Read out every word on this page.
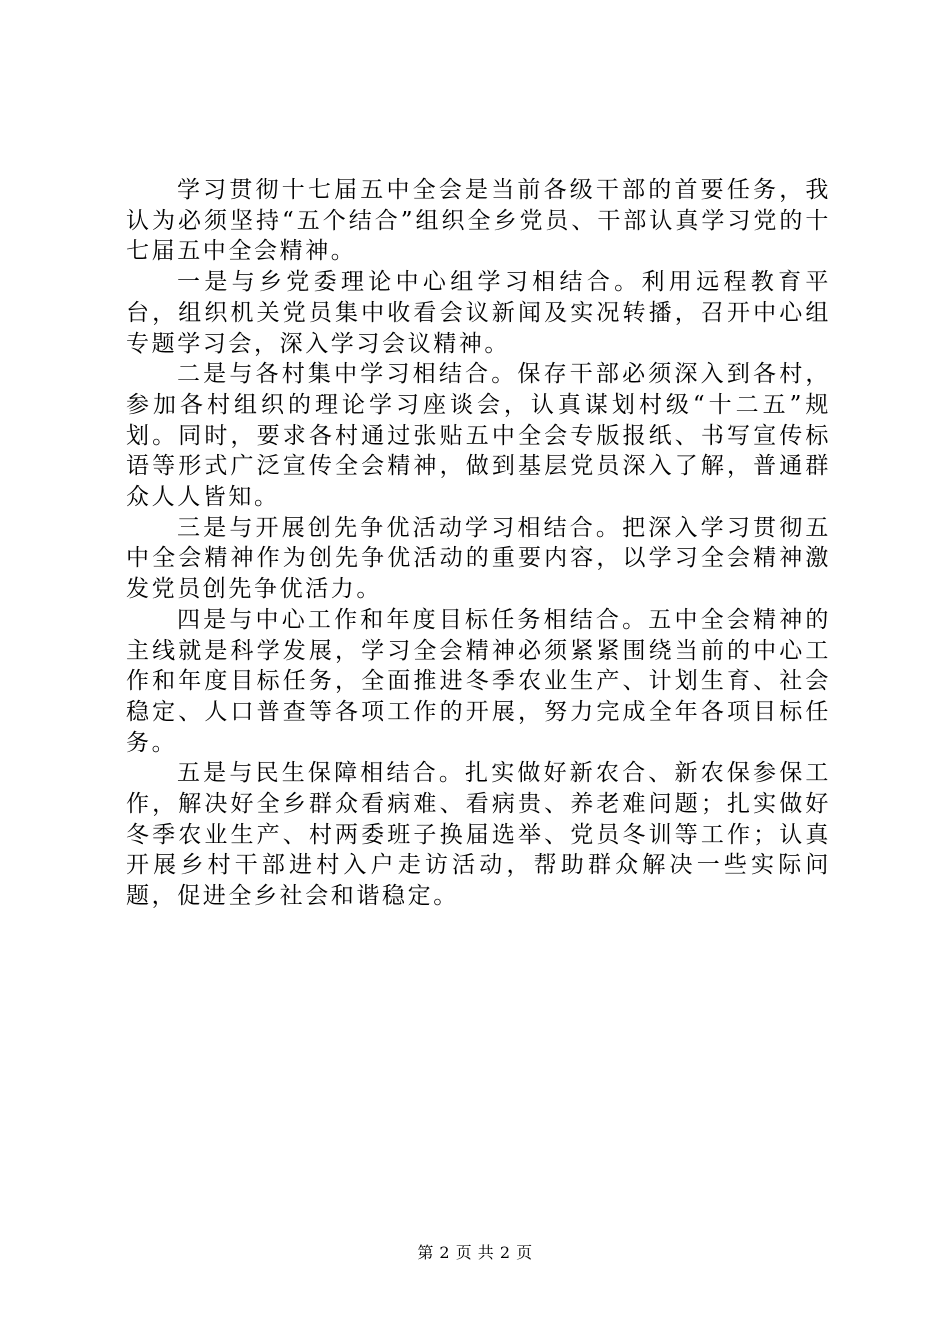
学习贯彻十七届五中全会是当前各级干部的首要任务，我认为必须坚持“五个结合”组织全乡党员、干部认真学习党的十七届五中全会精神。

一是与乡党委理论中心组学习相结合。利用远程教育平台，组织机关党员集中收看会议新闻及实况转播，召开中心组专题学习会，深入学习会议精神。

二是与各村集中学习相结合。保存干部必须深入到各村，参加各村组织的理论学习座谈会，认真谋划村级“十二五”规划。同时，要求各村通过张贴五中全会专版报纸、书写宣传标语等形式广泛宣传全会精神，做到基层党员深入了解，普通群众人人皆知。

三是与开展创先争优活动学习相结合。把深入学习贯彻五中全会精神作为创先争优活动的重要内容，以学习全会精神激发党员创先争优活力。

四是与中心工作和年度目标任务相结合。五中全会精神的主线就是科学发展，学习全会精神必须紧紧围绕当前的中心工作和年度目标任务，全面推进冬季农业生产、计划生育、社会稳定、人口普查等各项工作的开展，努力完成全年各项目标任务。

五是与民生保障相结合。扎实做好新农合、新农保参保工作，解决好全乡群众看病难、看病贵、养老难问题；扎实做好冬季农业生产、村两委班子换届选举、党员冬训等工作；认真开展乡村干部进村入户走访活动，帮助群众解决一些实际问题，促进全乡社会和谐稳定。

第 2 页 共 2 页
